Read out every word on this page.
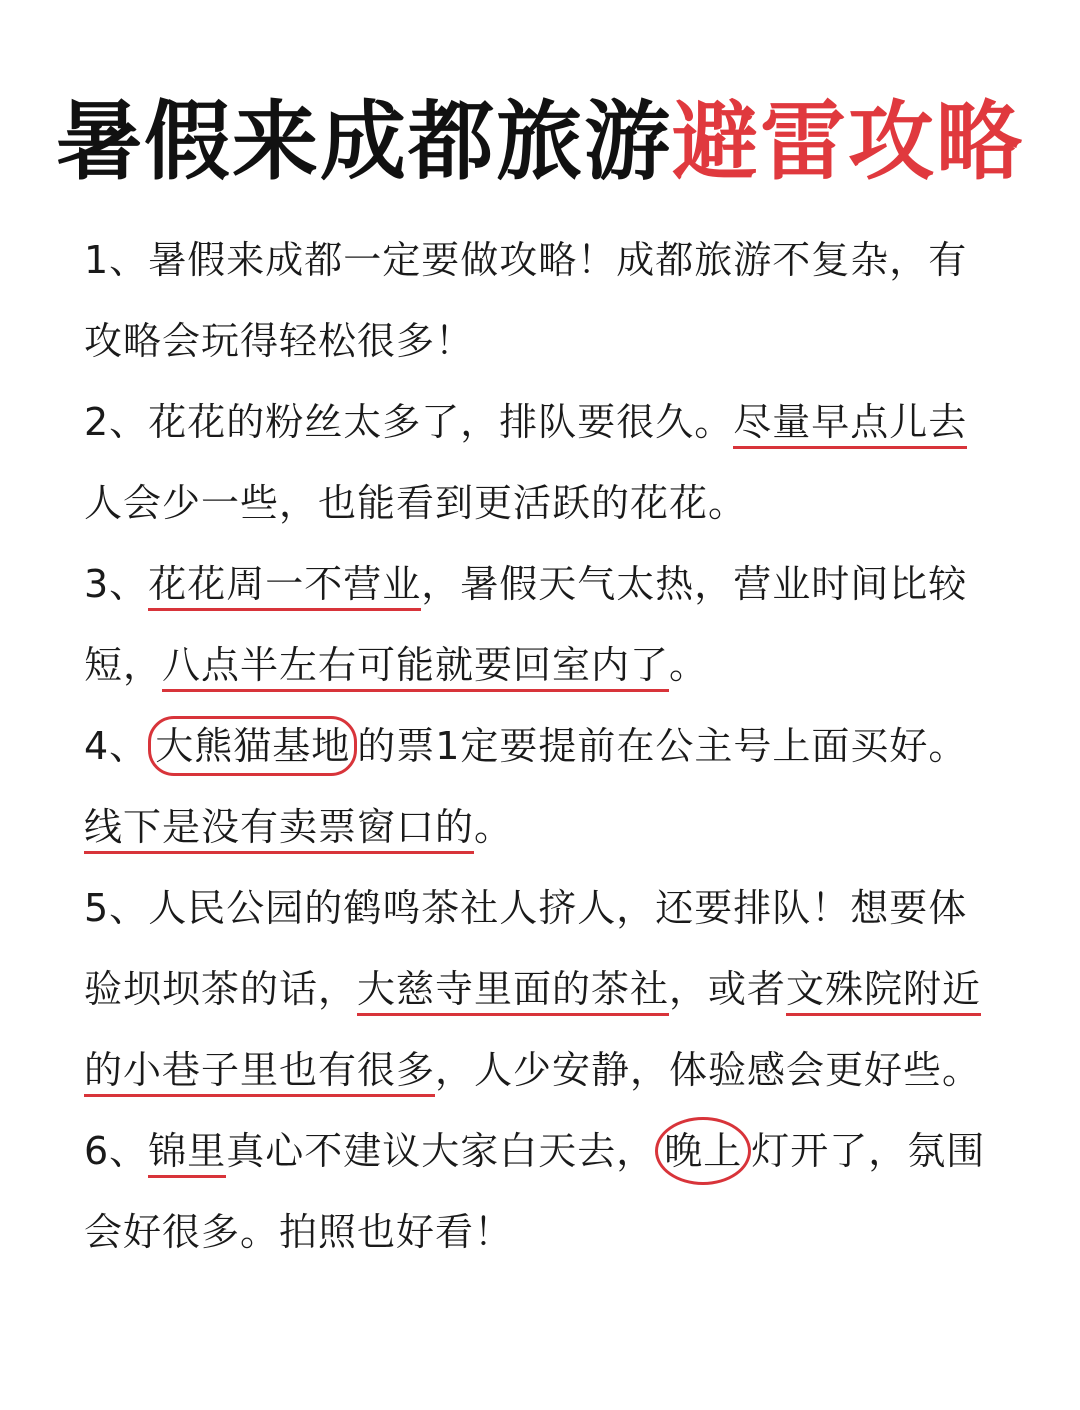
暑假来成都旅游避雷攻略

1、暑假来成都一定要做攻略！成都旅游不复杂，有攻略会玩得轻松很多！

2、花花的粉丝太多了，排队要很久。尽量早点儿去人会少一些，也能看到更活跃的花花。

3、花花周一不营业，暑假天气太热，营业时间比较短，八点半左右可能就要回室内了。

4、 大熊猫基地 的票1定要提前在公主号上面买好。线下是没有卖票窗口的。

5、人民公园的鹤鸣茶社人挤人，还要排队！想要体验坝坝茶的话，大慈寺里面的茶社，或者文殊院附近的小巷子里也有很多，人少安静，体验感会更好些。

6、锦里真心不建议大家白天去， 晚上 灯开了，氛围会好很多。拍照也好看！
